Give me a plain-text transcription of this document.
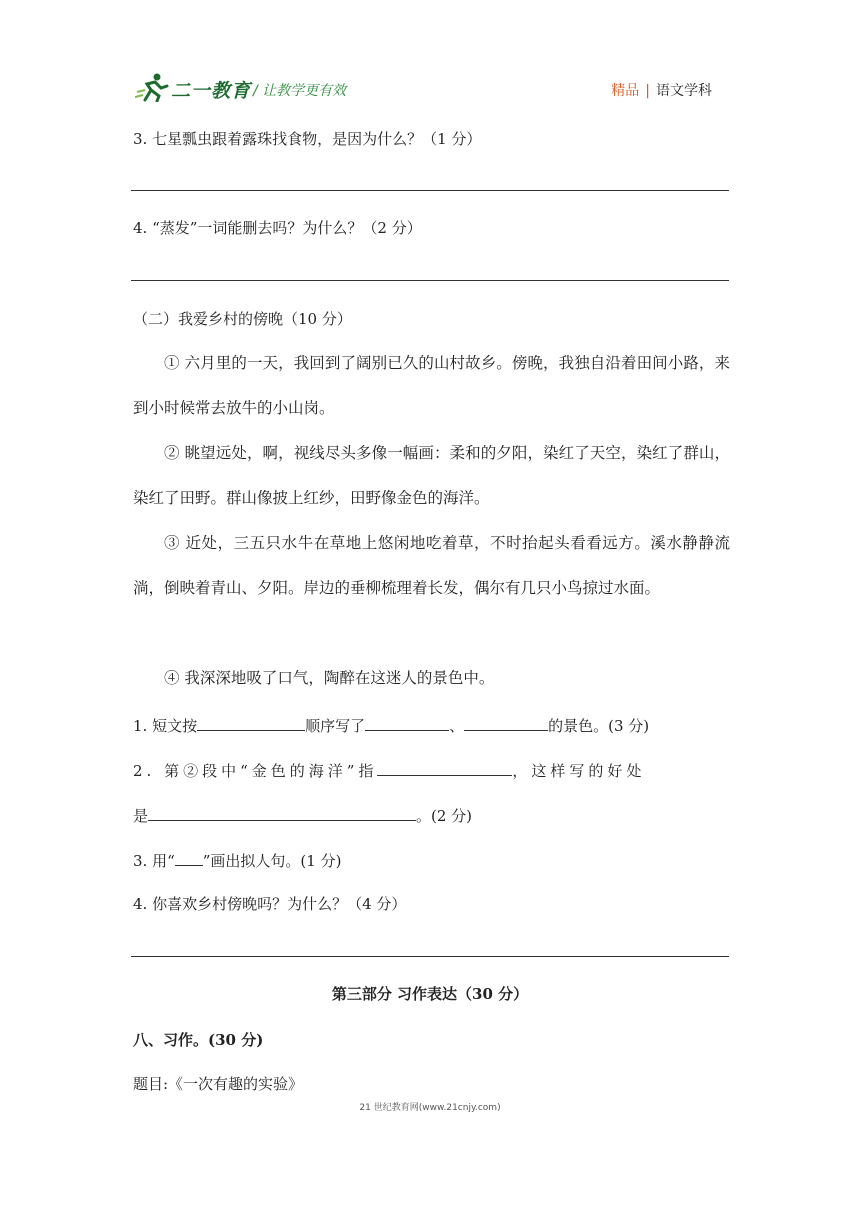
二一教育 / 让教学更有效	精品 | 语文学科
3. 七星瓢虫跟着露珠找食物，是因为什么？（1 分）
4. “蒸发”一词能删去吗？为什么？（2 分）
（二）我爱乡村的傍晚（10 分）
① 六月里的一天，我回到了阔别已久的山村故乡。傍晚，我独自沿着田间小路，来到小时候常去放牛的小山岗。
② 眺望远处，啊，视线尽头多像一幅画：柔和的夕阳，染红了天空，染红了群山，染红了田野。群山像披上红纱，田野像金色的海洋。
③ 近处，三五只水牛在草地上悠闲地吃着草，不时抬起头看看远方。溪水静静流淌，倒映着青山、夕阳。岸边的垂柳梳理着长发，偶尔有几只小鸟掠过水面。
④ 我深深地吸了口气，陶醉在这迷人的景色中。
1. 短文按	顺序写了	、	的景色。(3 分)
2. 第②段中“金色的海洋”指	，这样写的好处
是	。(2 分)
3. 用“ ”画出拟人句。(1 分)
4. 你喜欢乡村傍晚吗？为什么？（4 分）
第三部分 习作表达（30 分）
八、习作。(30 分)
题目:《一次有趣的实验》
21 世纪教育网(www.21cnjy.com)
